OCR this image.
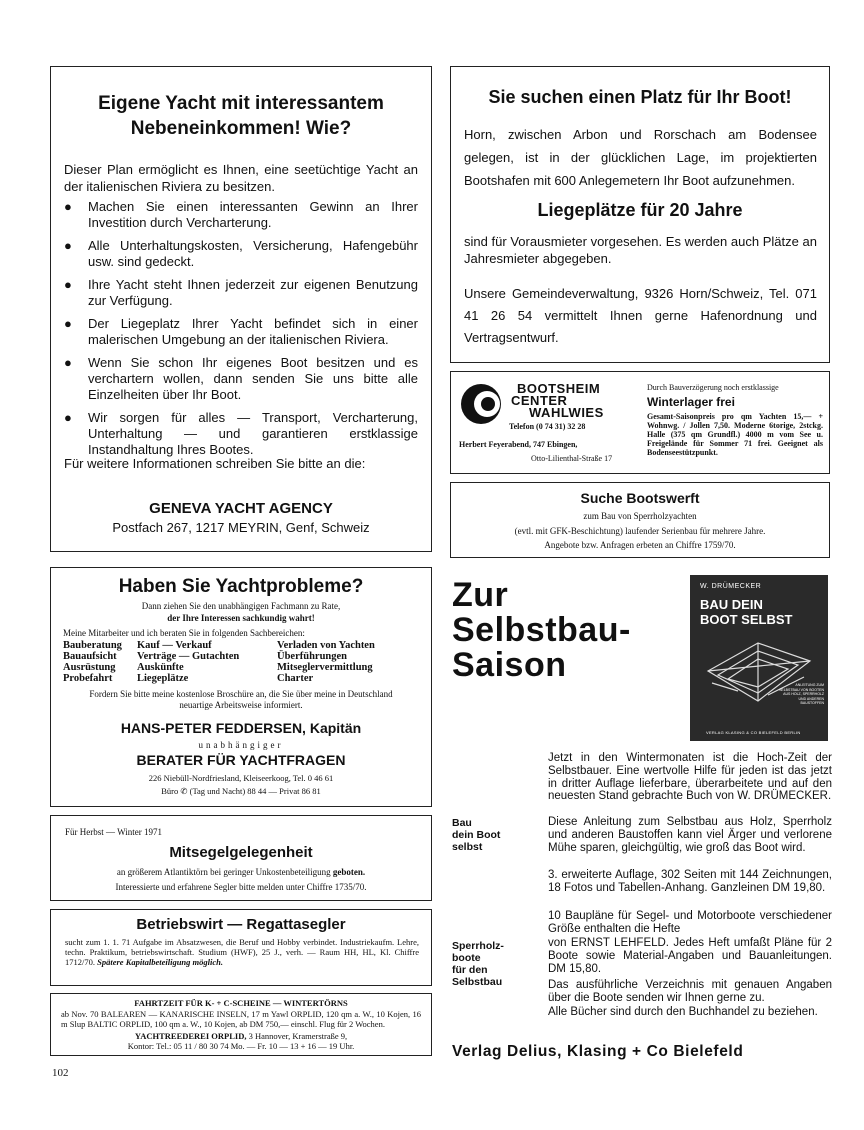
Eigene Yacht mit interessantem
Nebeneinkommen! Wie?
Dieser Plan ermöglicht es Ihnen, eine seetüchtige Yacht an der italienischen Riviera zu besitzen.
● Machen Sie einen interessanten Gewinn an Ihrer Investition durch Vercharterung.
● Alle Unterhaltungskosten, Versicherung, Hafengebühr usw. sind gedeckt.
● Ihre Yacht steht Ihnen jederzeit zur eigenen Benutzung zur Verfügung.
● Der Liegeplatz Ihrer Yacht befindet sich in einer malerischen Umgebung an der italienischen Riviera.
● Wenn Sie schon Ihr eigenes Boot besitzen und es verchartern wollen, dann senden Sie uns bitte alle Einzelheiten über Ihr Boot.
● Wir sorgen für alles — Transport, Vercharterung, Unterhaltung — und garantieren erstklassige Instandhaltung Ihres Bootes.
Für weitere Informationen schreiben Sie bitte an die:
GENEVA YACHT AGENCY
Postfach 267, 1217 MEYRIN, Genf, Schweiz
Sie suchen einen Platz für Ihr Boot!
Horn, zwischen Arbon und Rorschach am Bodensee gelegen, ist in der glücklichen Lage, im projektierten Bootshafen mit 600 Anlegemetern Ihr Boot aufzunehmen.
Liegeplätze für 20 Jahre
sind für Vorausmieter vorgesehen. Es werden auch Plätze an Jahresmieter abgegeben.
Unsere Gemeindeverwaltung, 9326 Horn/Schweiz, Tel. 071 41 26 54 vermittelt Ihnen gerne Hafenordnung und Vertragsentwurf.
BOOTSHEIM
CENTER
WAHLWIES
Telefon (0 74 31) 32 28
Herbert Feyerabend, 747 Ebingen,
Otto-Lilienthal-Straße 17
Durch Bauverzögerung noch erstklassige
Winterlager frei
Gesamt-Saisonpreis pro qm Yachten 15,— + Wohnwg. / Jollen 7,50. Moderne 6torige, 2stckg. Halle (375 qm Grundfl.) 4000 m vom See u. Freigelände für Sommer 71 frei. Geeignet als Bodenseestützpunkt.
Suche Bootswerft
zum Bau von Sperrholzyachten
(evtl. mit GFK-Beschichtung) laufender Serienbau für mehrere Jahre.
Angebote bzw. Anfragen erbeten an Chiffre 1759/70.
Haben Sie Yachtprobleme?
Dann ziehen Sie den unabhängigen Fachmann zu Rate,
der Ihre Interessen sachkundig wahrt!
Meine Mitarbeiter und ich beraten Sie in folgenden Sachbereichen:
Bauberatung	Kauf — Verkauf	Verladen von Yachten
Bauaufsicht	Verträge — Gutachten	Überführungen
Ausrüstung	Auskünfte	Mitseglervermittlung
Probefahrt	Liegeplätze	Charter
Fordern Sie bitte meine kostenlose Broschüre an, die Sie über meine in Deutschland neuartige Arbeitsweise informiert.
HANS-PETER FEDDERSEN, Kapitän
unabhängiger
BERATER FÜR YACHTFRAGEN
226 Niebüll-Nordfriesland, Kleiseerkoog, Tel. 0 46 61
Büro ✆ (Tag und Nacht) 88 44 — Privat 86 81
Für Herbst — Winter 1971
Mitsegelgelegenheit
an größerem Atlantiktörn bei geringer Unkostenbeteiligung geboten.
Interessierte und erfahrene Segler bitte melden unter Chiffre 1735/70.
Betriebswirt — Regattasegler
sucht zum 1. 1. 71 Aufgabe im Absatzwesen, die Beruf und Hobby verbindet. Industriekaufm. Lehre, techn. Praktikum, betriebswirtschaft. Studium (HWF), 25 J., verh. — Raum HH, HL, Kl. Chiffre 1712/70. Spätere Kapitalbeteiligung möglich.
FAHRTZEIT FÜR K- + C-SCHEINE — WINTERTÖRNS
ab Nov. 70 BALEAREN — KANARISCHE INSELN, 17 m Yawl ORPLID, 120 qm a. W., 10 Kojen, 16 m Slup BALTIC ORPLID, 100 qm a. W., 10 Kojen, ab DM 750,— einschl. Flug für 2 Wochen.
YACHTREEDEREI ORPLID, 3 Hannover, Kramerstraße 9,
Kontor: Tel.: 05 11 / 80 30 74 Mo. — Fr. 10 — 13 + 16 — 19 Uhr.
102
Zur
Selbstbau-
Saison
W. DRÜMECKER
BAU DEIN
BOOT SELBST
ANLEITUNG ZUM SELBSTBAU VON BOOTEN AUS HOLZ, SPERRHOLZ UND ANDEREN BAUSTOFFEN
VERLAG KLASING & CO BIELEFELD BERLIN
Bau
dein Boot
selbst
Sperrholz-
boote
für den
Selbstbau
Jetzt in den Wintermonaten ist die Hoch-Zeit der Selbstbauer. Eine wertvolle Hilfe für jeden ist das jetzt in dritter Auflage lieferbare, überarbeitete und auf den neuesten Stand gebrachte Buch von W. DRÜMECKER.
Diese Anleitung zum Selbstbau aus Holz, Sperrholz und anderen Baustoffen kann viel Ärger und verlorene Mühe sparen, gleichgültig, wie groß das Boot wird.
3. erweiterte Auflage, 302 Seiten mit 144 Zeichnungen, 18 Fotos und Tabellen-Anhang. Ganzleinen DM 19,80.
10 Baupläne für Segel- und Motorboote verschiedener Größe enthalten die Hefte
von ERNST LEHFELD. Jedes Heft umfaßt Pläne für 2 Boote sowie Material-Angaben und Bauanleitungen. DM 15,80.
Das ausführliche Verzeichnis mit genauen Angaben über die Boote senden wir Ihnen gerne zu.
Alle Bücher sind durch den Buchhandel zu beziehen.
Verlag Delius, Klasing + Co Bielefeld
